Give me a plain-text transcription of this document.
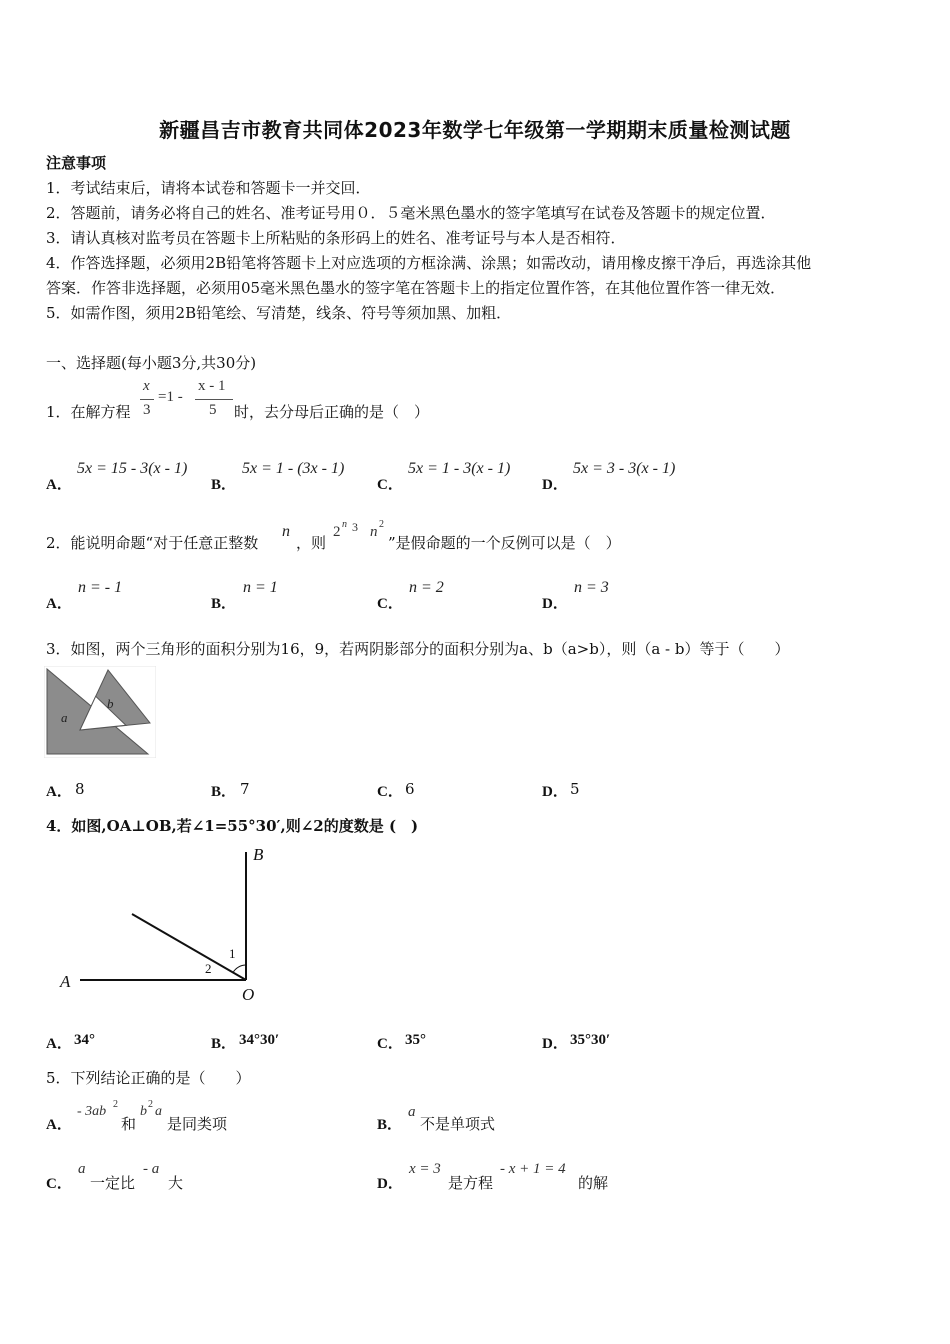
新疆昌吉市教育共同体2023年数学七年级第一学期期末质量检测试题
注意事项
1．考试结束后，请将本试卷和答题卡一并交回．
2．答题前，请务必将自己的姓名、准考证号用０．５毫米黑色墨水的签字笔填写在试卷及答题卡的规定位置．
3．请认真核对监考员在答题卡上所粘贴的条形码上的姓名、准考证号与本人是否相符．
4．作答选择题，必须用2B铅笔将答题卡上对应选项的方框涂满、涂黑；如需改动，请用橡皮擦干净后，再选涂其他
答案．作答非选择题，必须用05毫米黑色墨水的签字笔在答题卡上的指定位置作答，在其他位置作答一律无效．
5．如需作图，须用2B铅笔绘、写清楚，线条、符号等须加黑、加粗．
一、选择题(每小题3分,共30分)
1．在解方程
x
3
=1 -
x - 1
5 时，去分母后正确的是（　）
A．
5x = 15 - 3(x - 1)
B．
5x = 1 - (3x - 1)
C．
5x = 1 - 3(x - 1)
D．
5x = 3 - 3(x - 1)
2．能说明命题“对于任意正整数
n
，则
2 n 3 n 2
”是假命题的一个反例可以是（　）
A．
n = - 1
B．
n = 1
C．
n = 2
D．
n = 3
3．如图，两个三角形的面积分别为16，9，若两阴影部分的面积分别为a、b（a>b），则（a - b）等于（　　）
a
b
A． 8	B． 7	C． 6	D． 5
4．如图,OA⊥OB,若∠1=55°30′,则∠2的度数是 (　)
B
A
O
1
2
A． 34°	B． 34°30′	C． 35°	D． 35°30′
5．下列结论正确的是（　　）
A．
- 3ab 2
和
b 2 a
是同类项	B．
a
不是单项式
C．
a
一定比
- a
大	D．
x = 3
是方程
- x + 1 = 4
的解
